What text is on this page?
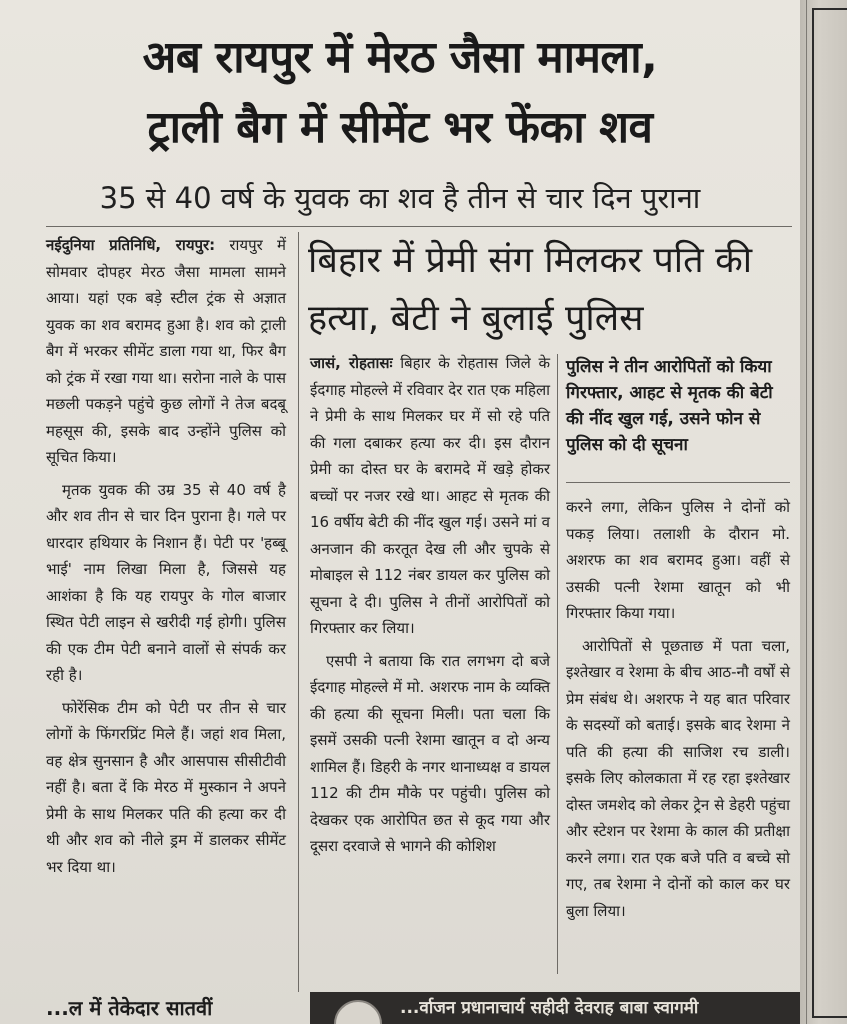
अब रायपुर में मेरठ जैसा मामला,
ट्राली बैग में सीमेंट भर फेंका शव
35 से 40 वर्ष के युवक का शव है तीन से चार दिन पुराना

नईदुनिया प्रतिनिधि, रायपुर: रायपुर में सोमवार दोपहर मेरठ जैसा मामला सामने आया। यहां एक बड़े स्टील ट्रंक से अज्ञात युवक का शव बरामद हुआ है। शव को ट्राली बैग में भरकर सीमेंट डाला गया था, फिर बैग को ट्रंक में रखा गया था। सरोना नाले के पास मछली पकड़ने पहुंचे कुछ लोगों ने तेज बदबू महसूस की, इसके बाद उन्होंने पुलिस को सूचित किया।

मृतक युवक की उम्र 35 से 40 वर्ष है और शव तीन से चार दिन पुराना है। गले पर धारदार हथियार के निशान हैं। पेटी पर 'हब्बू भाई' नाम लिखा मिला है, जिससे यह आशंका है कि यह रायपुर के गोल बाजार स्थित पेटी लाइन से खरीदी गई होगी। पुलिस की एक टीम पेटी बनाने वालों से संपर्क कर रही है।

फोरेंसिक टीम को पेटी पर तीन से चार लोगों के फिंगरप्रिंट मिले हैं। जहां शव मिला, वह क्षेत्र सुनसान है और आसपास सीसीटीवी नहीं है। बता दें कि मेरठ में मुस्कान ने अपने प्रेमी के साथ मिलकर पति की हत्या कर दी थी और शव को नीले ड्रम में डालकर सीमेंट भर दिया था।

बिहार में प्रेमी संग मिलकर पति की हत्या, बेटी ने बुलाई पुलिस

जासं, रोहतासः बिहार के रोहतास जिले के ईदगाह मोहल्ले में रविवार देर रात एक महिला ने प्रेमी के साथ मिलकर घर में सो रहे पति की गला दबाकर हत्या कर दी। इस दौरान प्रेमी का दोस्त घर के बरामदे में खड़े होकर बच्चों पर नजर रखे था। आहट से मृतक की 16 वर्षीय बेटी की नींद खुल गई। उसने मां व अनजान की करतूत देख ली और चुपके से मोबाइल से 112 नंबर डायल कर पुलिस को सूचना दे दी। पुलिस ने तीनों आरोपितों को गिरफ्तार कर लिया।

एसपी ने बताया कि रात लगभग दो बजे ईदगाह मोहल्ले में मो. अशरफ नाम के व्यक्ति की हत्या की सूचना मिली। पता चला कि इसमें उसकी पत्नी रेशमा खातून व दो अन्य शामिल हैं। डिहरी के नगर थानाध्यक्ष व डायल 112 की टीम मौके पर पहुंची। पुलिस को देखकर एक आरोपित छत से कूद गया और दूसरा दरवाजे से भागने की कोशिश

पुलिस ने तीन आरोपितों को किया गिरफ्तार, आहट से मृतक की बेटी की नींद खुल गई, उसने फोन से पुलिस को दी सूचना

करने लगा, लेकिन पुलिस ने दोनों को पकड़ लिया। तलाशी के दौरान मो. अशरफ का शव बरामद हुआ। वहीं से उसकी पत्नी रेशमा खातून को भी गिरफ्तार किया गया।

आरोपितों से पूछताछ में पता चला, इश्तेखार व रेशमा के बीच आठ-नौ वर्षों से प्रेम संबंध थे। अशरफ ने यह बात परिवार के सदस्यों को बताई। इसके बाद रेशमा ने पति की हत्या की साजिश रच डाली। इसके लिए कोलकाता में रह रहा इश्तेखार दोस्त जमशेद को लेकर ट्रेन से डेहरी पहुंचा और स्टेशन पर रेशमा के काल की प्रतीक्षा करने लगा। रात एक बजे पति व बच्चे सो गए, तब रेशमा ने दोनों को काल कर घर बुला लिया।

...ल में तेकेदार सातवीं	...र्वाजन प्रधानाचार्य सहीदी देवराह बाबा स्वागमी
